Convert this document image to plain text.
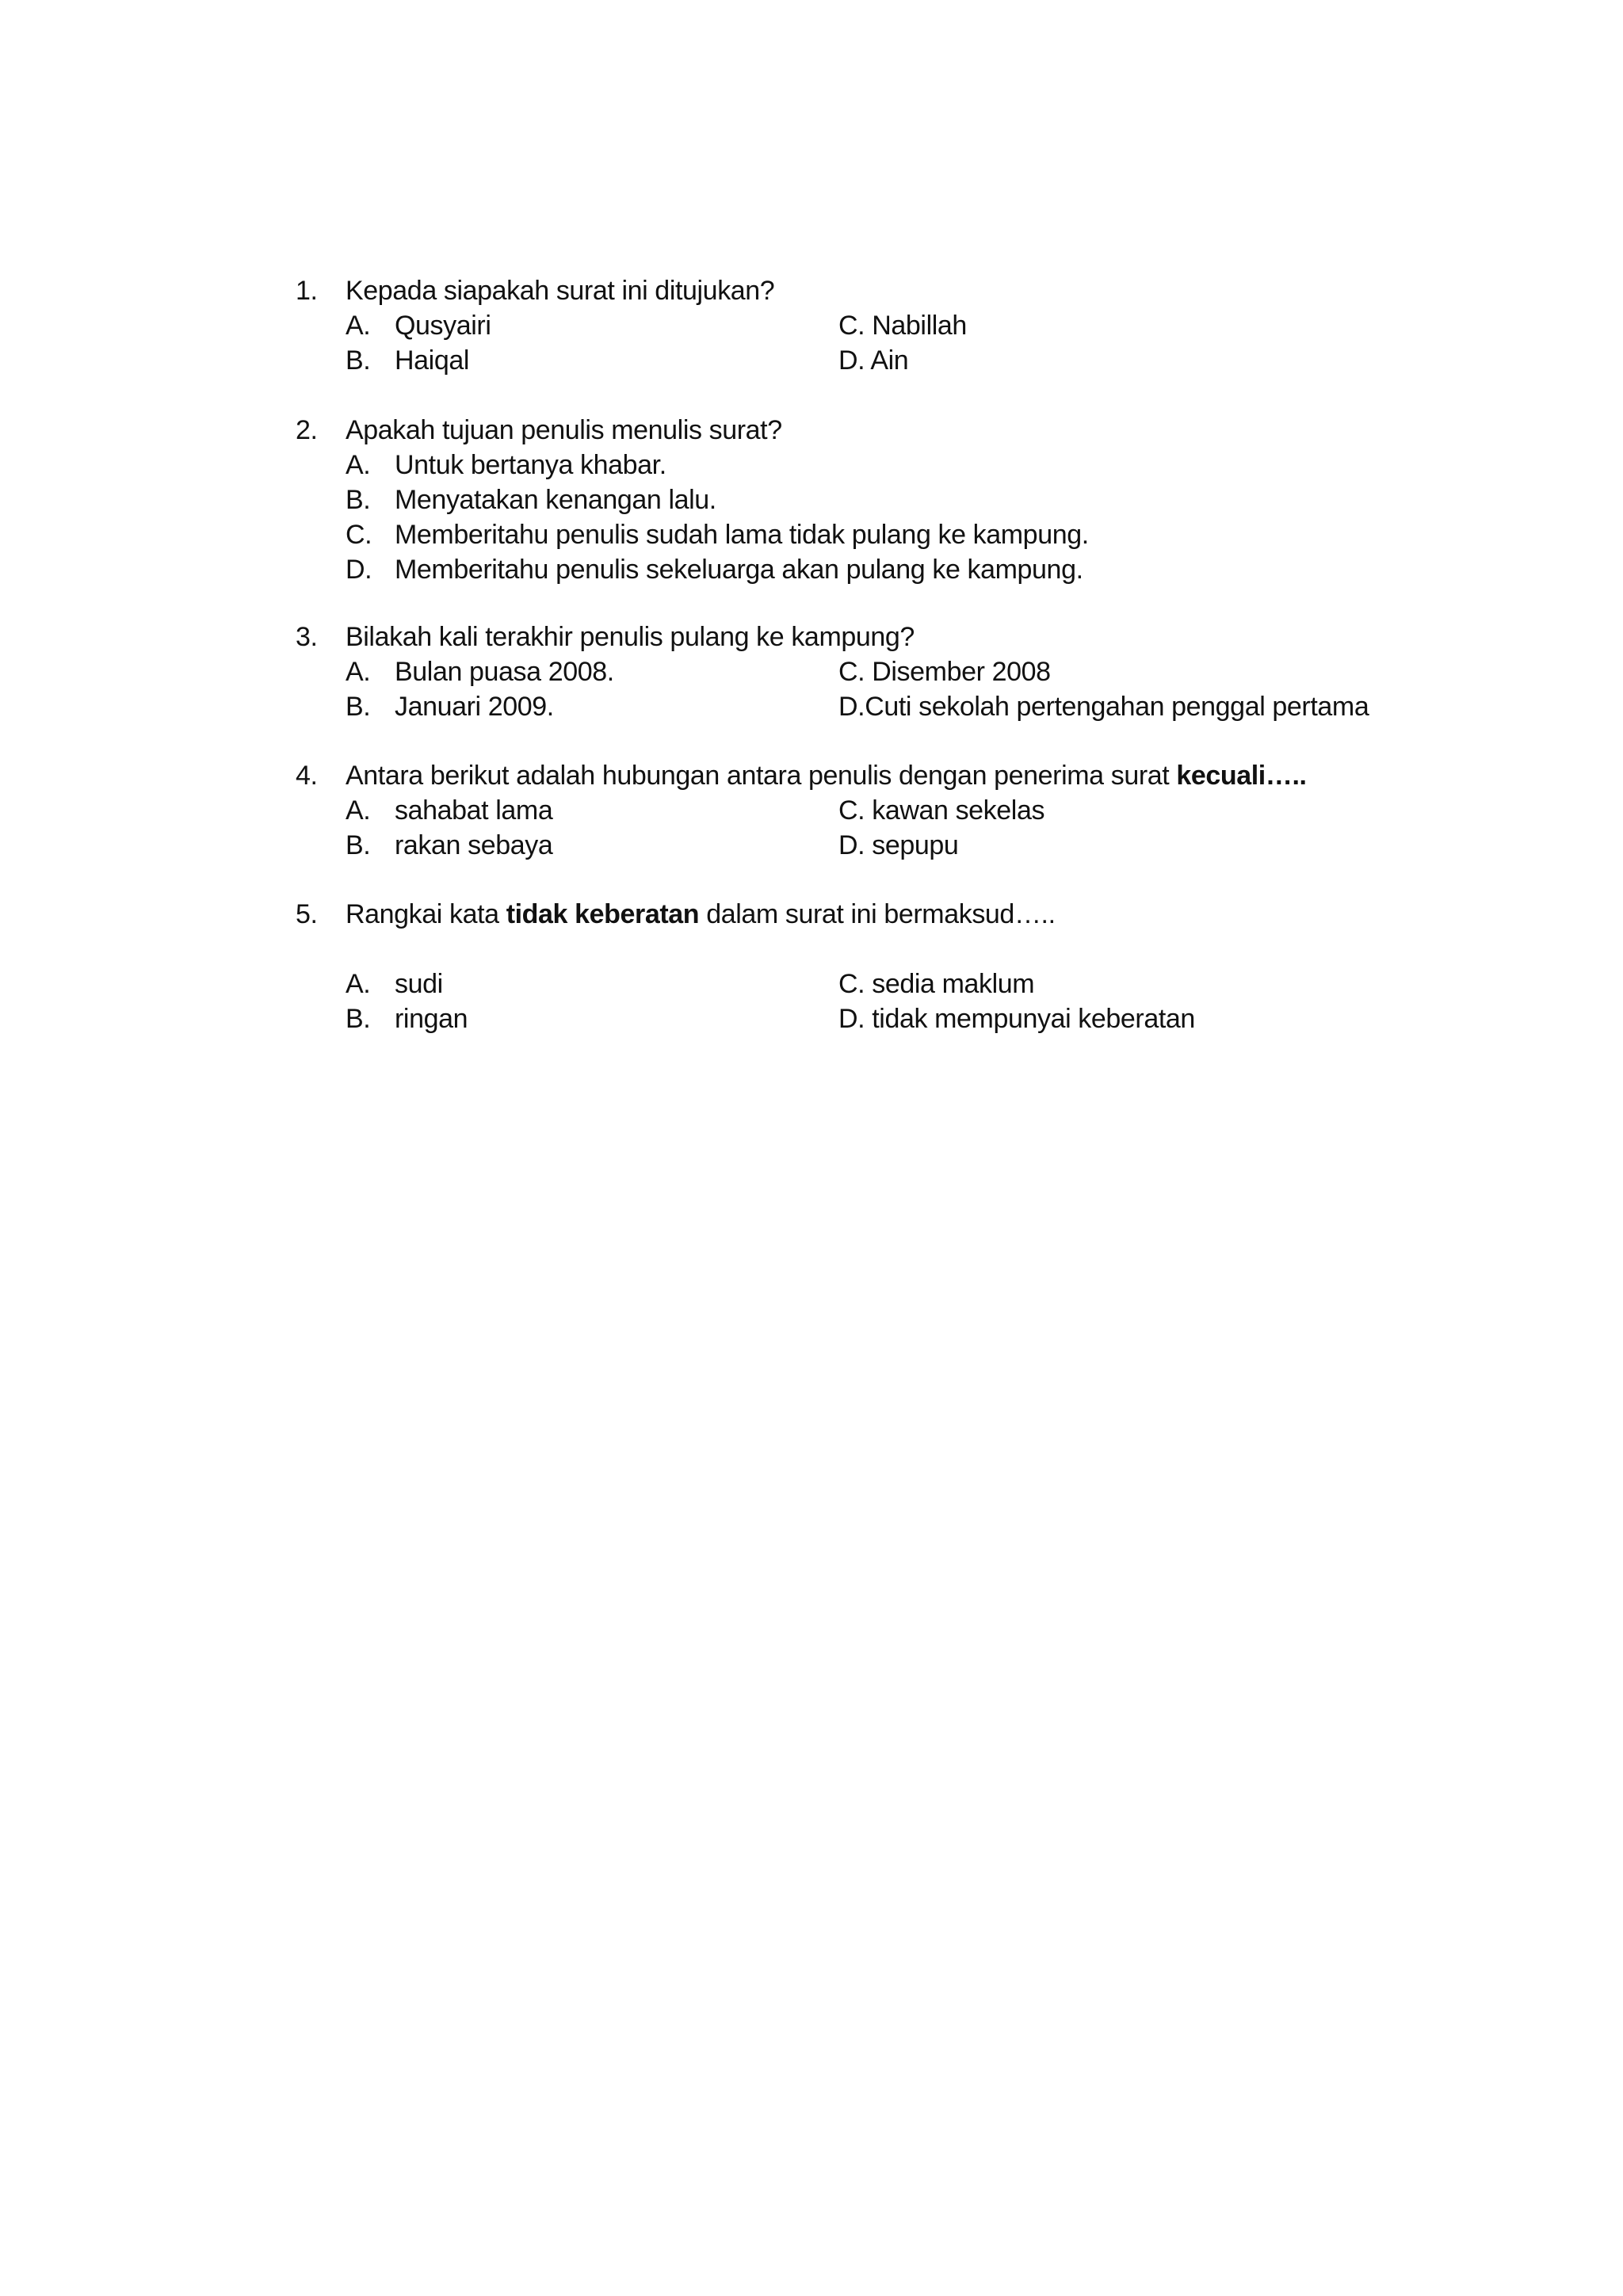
1.	Kepada siapakah surat ini ditujukan?
A. Qusyairi	C. Nabillah
B. Haiqal	D. Ain
2.	Apakah tujuan penulis menulis surat?
A. Untuk bertanya khabar.
B. Menyatakan kenangan lalu.
C. Memberitahu penulis sudah lama tidak pulang ke kampung.
D. Memberitahu penulis sekeluarga akan pulang ke kampung.
3.	Bilakah kali terakhir penulis pulang ke kampung?
A. Bulan puasa 2008.	C. Disember 2008
B. Januari 2009.	D.Cuti sekolah pertengahan penggal pertama
4.	Antara berikut adalah hubungan antara penulis dengan penerima surat kecuali…..
A. sahabat lama	C. kawan sekelas
B. rakan sebaya	D. sepupu
5.	Rangkai kata tidak keberatan dalam surat ini bermaksud…..
A. sudi	C. sedia maklum
B. ringan	D. tidak mempunyai keberatan
